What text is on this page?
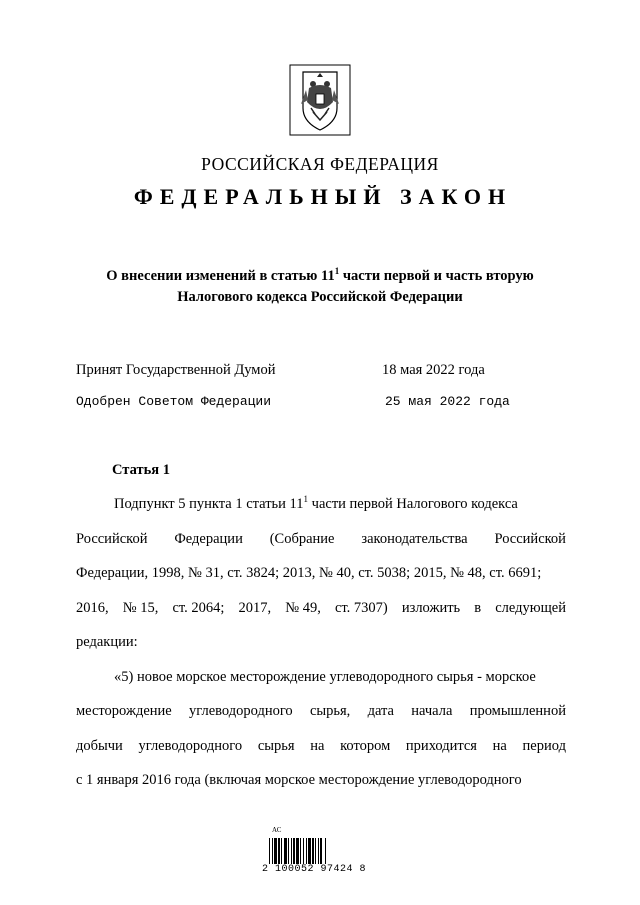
РОССИЙСКАЯ ФЕДЕРАЦИЯ
ФЕДЕРАЛЬНЫЙ ЗАКОН
О внесении изменений в статью $11^1$ части первой и часть вторую
Налогового кодекса Российской Федерации
Принят Государственной Думой	18 мая 2022 года
Одобрен Советом Федерации	25 мая 2022 года
Статья 1
Подпункт 5 пункта 1 статьи $11^1$ части первой Налогового кодекса
Российской Федерации (Собрание законодательства Российской
Федерации, 1998, № 31, ст. 3824; 2013, № 40, ст. 5038; 2015, № 48, ст. 6691;
2016, № 15, ст. 2064; 2017, № 49, ст. 7307) изложить в следующей
редакции:
«5) новое морское месторождение углеводородного сырья - морское
месторождение углеводородного сырья, дата начала промышленной
добычи углеводородного сырья на котором приходится на период
с 1 января 2016 года (включая морское месторождение углеводородного
АС
2 100052 97424 8
